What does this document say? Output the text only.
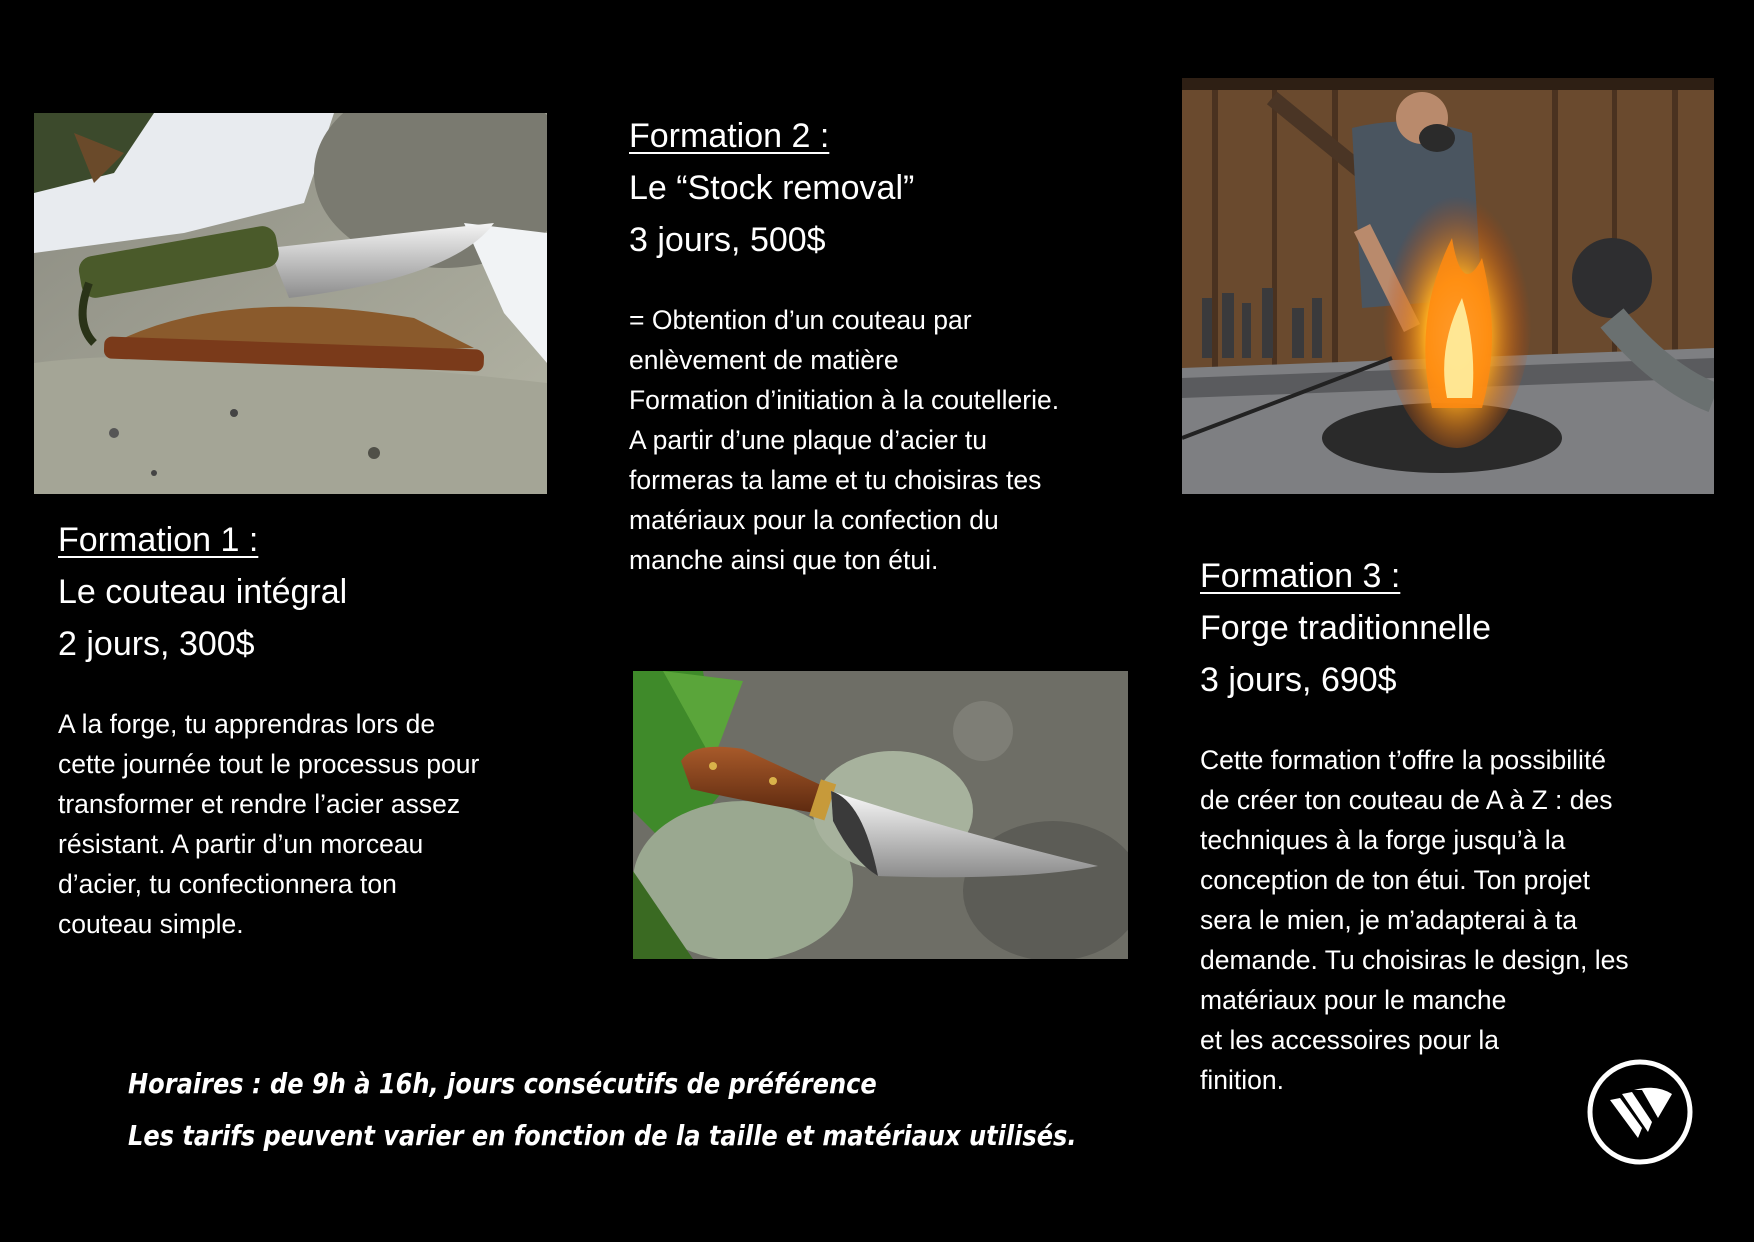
Formation 1 :
Le couteau intégral
2 jours, 300$
A la forge, tu apprendras lors de
cette journée tout le processus pour
transformer et rendre l’acier assez
résistant. A partir d’un morceau
d’acier, tu confectionnera ton
couteau simple.
Formation 2 :
Le “Stock removal”
3 jours, 500$
= Obtention d’un couteau par
enlèvement de matière
Formation d’initiation à la coutellerie.
A partir d’une plaque d’acier tu
formeras ta lame et tu choisiras tes
matériaux pour la confection du
manche ainsi que ton étui.	Formation 3 :
Forge traditionnelle
3 jours, 690$
Cette formation t’offre la possibilité
de créer ton couteau de A à Z : des
techniques à la forge jusqu’à la
conception de ton étui. Ton projet
sera le mien, je m’adapterai à ta
demande. Tu choisiras le design, les
matériaux pour le manche
et les accessoires pour la
finition.
Horaires : de 9h à 16h, jours consécutifs de préférence
Les tarifs peuvent varier en fonction de la taille et matériaux utilisés.
